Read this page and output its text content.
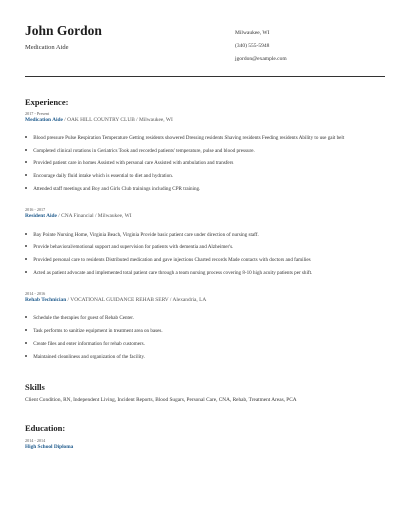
John Gordon
Medication Aide
Milwaukee, WI
(340) 555-5948
jgordon@example.com
Experience:
2017 - Present
Medication Aide / OAK HILL COUNTRY CLUB / Milwaukee, WI
Blood pressure Pulse Respiration Temperature Getting residents showered Dressing residents Shaving residents Feeding residents Ability to use gait belt
Completed clinical rotations in Geriatrics Took and recorded patients' temperature, pulse and blood pressure.
Provided patient care in homes Assisted with personal care Assisted with ambulation and transfers
Encourage daily fluid intake which is essential to diet and hydration.
Attended staff meetings and Boy and Girls Club trainings including CPR training.
2016 - 2017
Resident Aide / CNA Financial / Milwaukee, WI
Bay Pointe Nursing Home, Virginia Beach, Virginia Provide basic patient care under direction of nursing staff.
Provide behavioral/emotional support and supervision for patients with dementia and Alzheimer's.
Provided personal care to residents Distributed medication and gave injections Charted records Made contacts with doctors and families
Acted as patient advocate and implemented total patient care through a team nursing process covering 8-10 high acuity patients per shift.
2014 - 2016
Rehab Technician / VOCATIONAL GUIDANCE REHAB SERV / Alexandria, LA
Schedule the therapies for guest of Rehab Center.
Task performs to sanitize equipment in treatment area on bases.
Create files and enter information for rehab customers.
Maintained cleanliness and organization of the facility.
Skills
Client Condition, RN, Independent Living, Incident Reports, Blood Sugars, Personal Care, CNA, Rehab, Treatment Areas, PCA
Education:
2014 - 2014
High School Diploma
